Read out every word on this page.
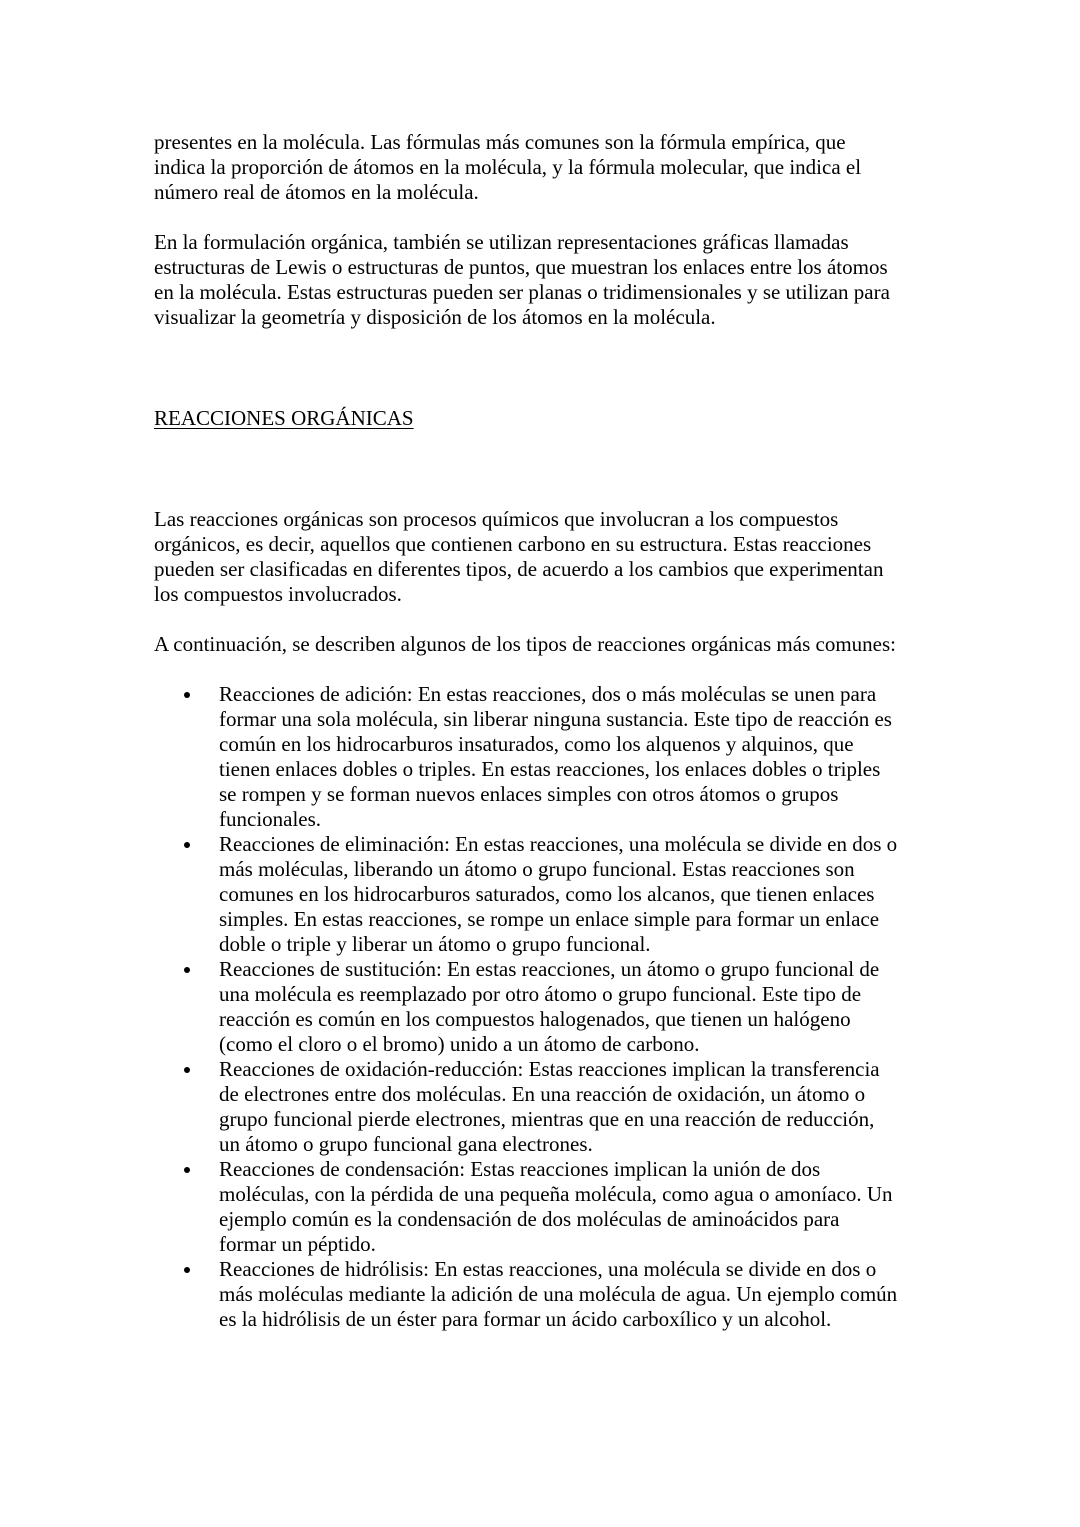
presentes en la molécula. Las fórmulas más comunes son la fórmula empírica, que
indica la proporción de átomos en la molécula, y la fórmula molecular, que indica el
número real de átomos en la molécula.

En la formulación orgánica, también se utilizan representaciones gráficas llamadas
estructuras de Lewis o estructuras de puntos, que muestran los enlaces entre los átomos
en la molécula. Estas estructuras pueden ser planas o tridimensionales y se utilizan para
visualizar la geometría y disposición de los átomos en la molécula.

REACCIONES ORGÁNICAS

Las reacciones orgánicas son procesos químicos que involucran a los compuestos
orgánicos, es decir, aquellos que contienen carbono en su estructura. Estas reacciones
pueden ser clasificadas en diferentes tipos, de acuerdo a los cambios que experimentan
los compuestos involucrados.

A continuación, se describen algunos de los tipos de reacciones orgánicas más comunes:

Reacciones de adición: En estas reacciones, dos o más moléculas se unen para
formar una sola molécula, sin liberar ninguna sustancia. Este tipo de reacción es
común en los hidrocarburos insaturados, como los alquenos y alquinos, que
tienen enlaces dobles o triples. En estas reacciones, los enlaces dobles o triples
se rompen y se forman nuevos enlaces simples con otros átomos o grupos
funcionales.
Reacciones de eliminación: En estas reacciones, una molécula se divide en dos o
más moléculas, liberando un átomo o grupo funcional. Estas reacciones son
comunes en los hidrocarburos saturados, como los alcanos, que tienen enlaces
simples. En estas reacciones, se rompe un enlace simple para formar un enlace
doble o triple y liberar un átomo o grupo funcional.
Reacciones de sustitución: En estas reacciones, un átomo o grupo funcional de
una molécula es reemplazado por otro átomo o grupo funcional. Este tipo de
reacción es común en los compuestos halogenados, que tienen un halógeno
(como el cloro o el bromo) unido a un átomo de carbono.
Reacciones de oxidación-reducción: Estas reacciones implican la transferencia
de electrones entre dos moléculas. En una reacción de oxidación, un átomo o
grupo funcional pierde electrones, mientras que en una reacción de reducción,
un átomo o grupo funcional gana electrones.
Reacciones de condensación: Estas reacciones implican la unión de dos
moléculas, con la pérdida de una pequeña molécula, como agua o amoníaco. Un
ejemplo común es la condensación de dos moléculas de aminoácidos para
formar un péptido.
Reacciones de hidrólisis: En estas reacciones, una molécula se divide en dos o
más moléculas mediante la adición de una molécula de agua. Un ejemplo común
es la hidrólisis de un éster para formar un ácido carboxílico y un alcohol.
